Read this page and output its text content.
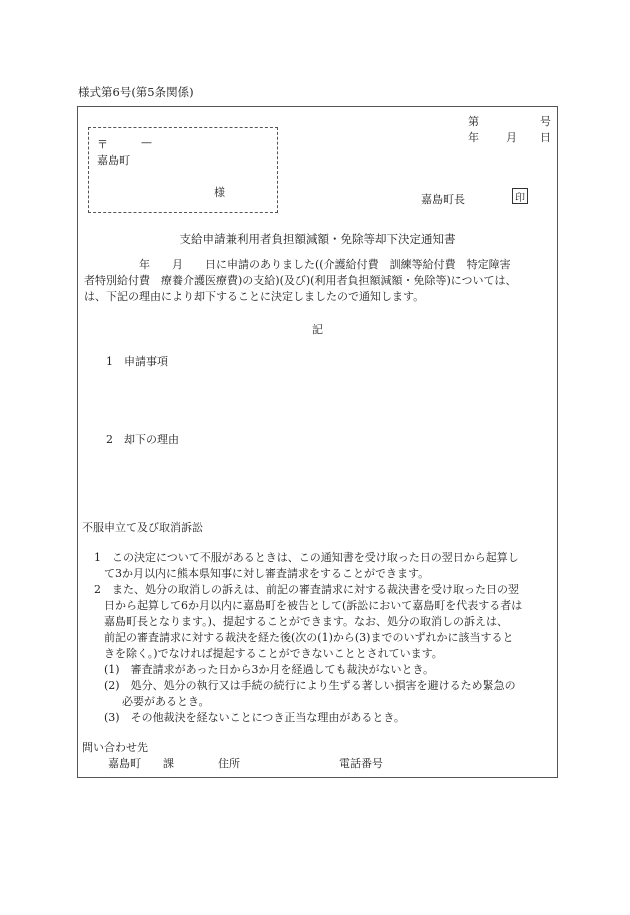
様式第6号(第5条関係)
〒	—
嘉島町
様
第	号
年 月 日
嘉島町長	印
支給申請兼利用者負担額減額・免除等却下決定通知書
　　　　　年　　月　　日に申請のありました((介護給付費　訓練等給付費　特定障害
者特別給付費　療養介護医療費)の支給)(及び)(利用者負担額減額・免除等)については、
は、下記の理由により却下することに決定しましたので通知します。
記
1　申請事項
2　却下の理由
不服申立て及び取消訴訟
1　この決定について不服があるときは、この通知書を受け取った日の翌日から起算し
て3か月以内に熊本県知事に対し審査請求をすることができます。
2　また、処分の取消しの訴えは、前記の審査請求に対する裁決書を受け取った日の翌
日から起算して6か月以内に嘉島町を被告として(訴訟において嘉島町を代表する者は
嘉島町長となります。)、提起することができます。なお、処分の取消しの訴えは、
前記の審査請求に対する裁決を経た後(次の(1)から(3)までのいずれかに該当すると
きを除く。)でなければ提起することができないこととされています。
(1)　審査請求があった日から3か月を経過しても裁決がないとき。
(2)　処分、処分の執行又は手続の続行により生ずる著しい損害を避けるため緊急の
必要があるとき。
(3)　その他裁決を経ないことにつき正当な理由があるとき。
問い合わせ先
嘉島町　　課　　　　住所　　　　　　　　　電話番号
